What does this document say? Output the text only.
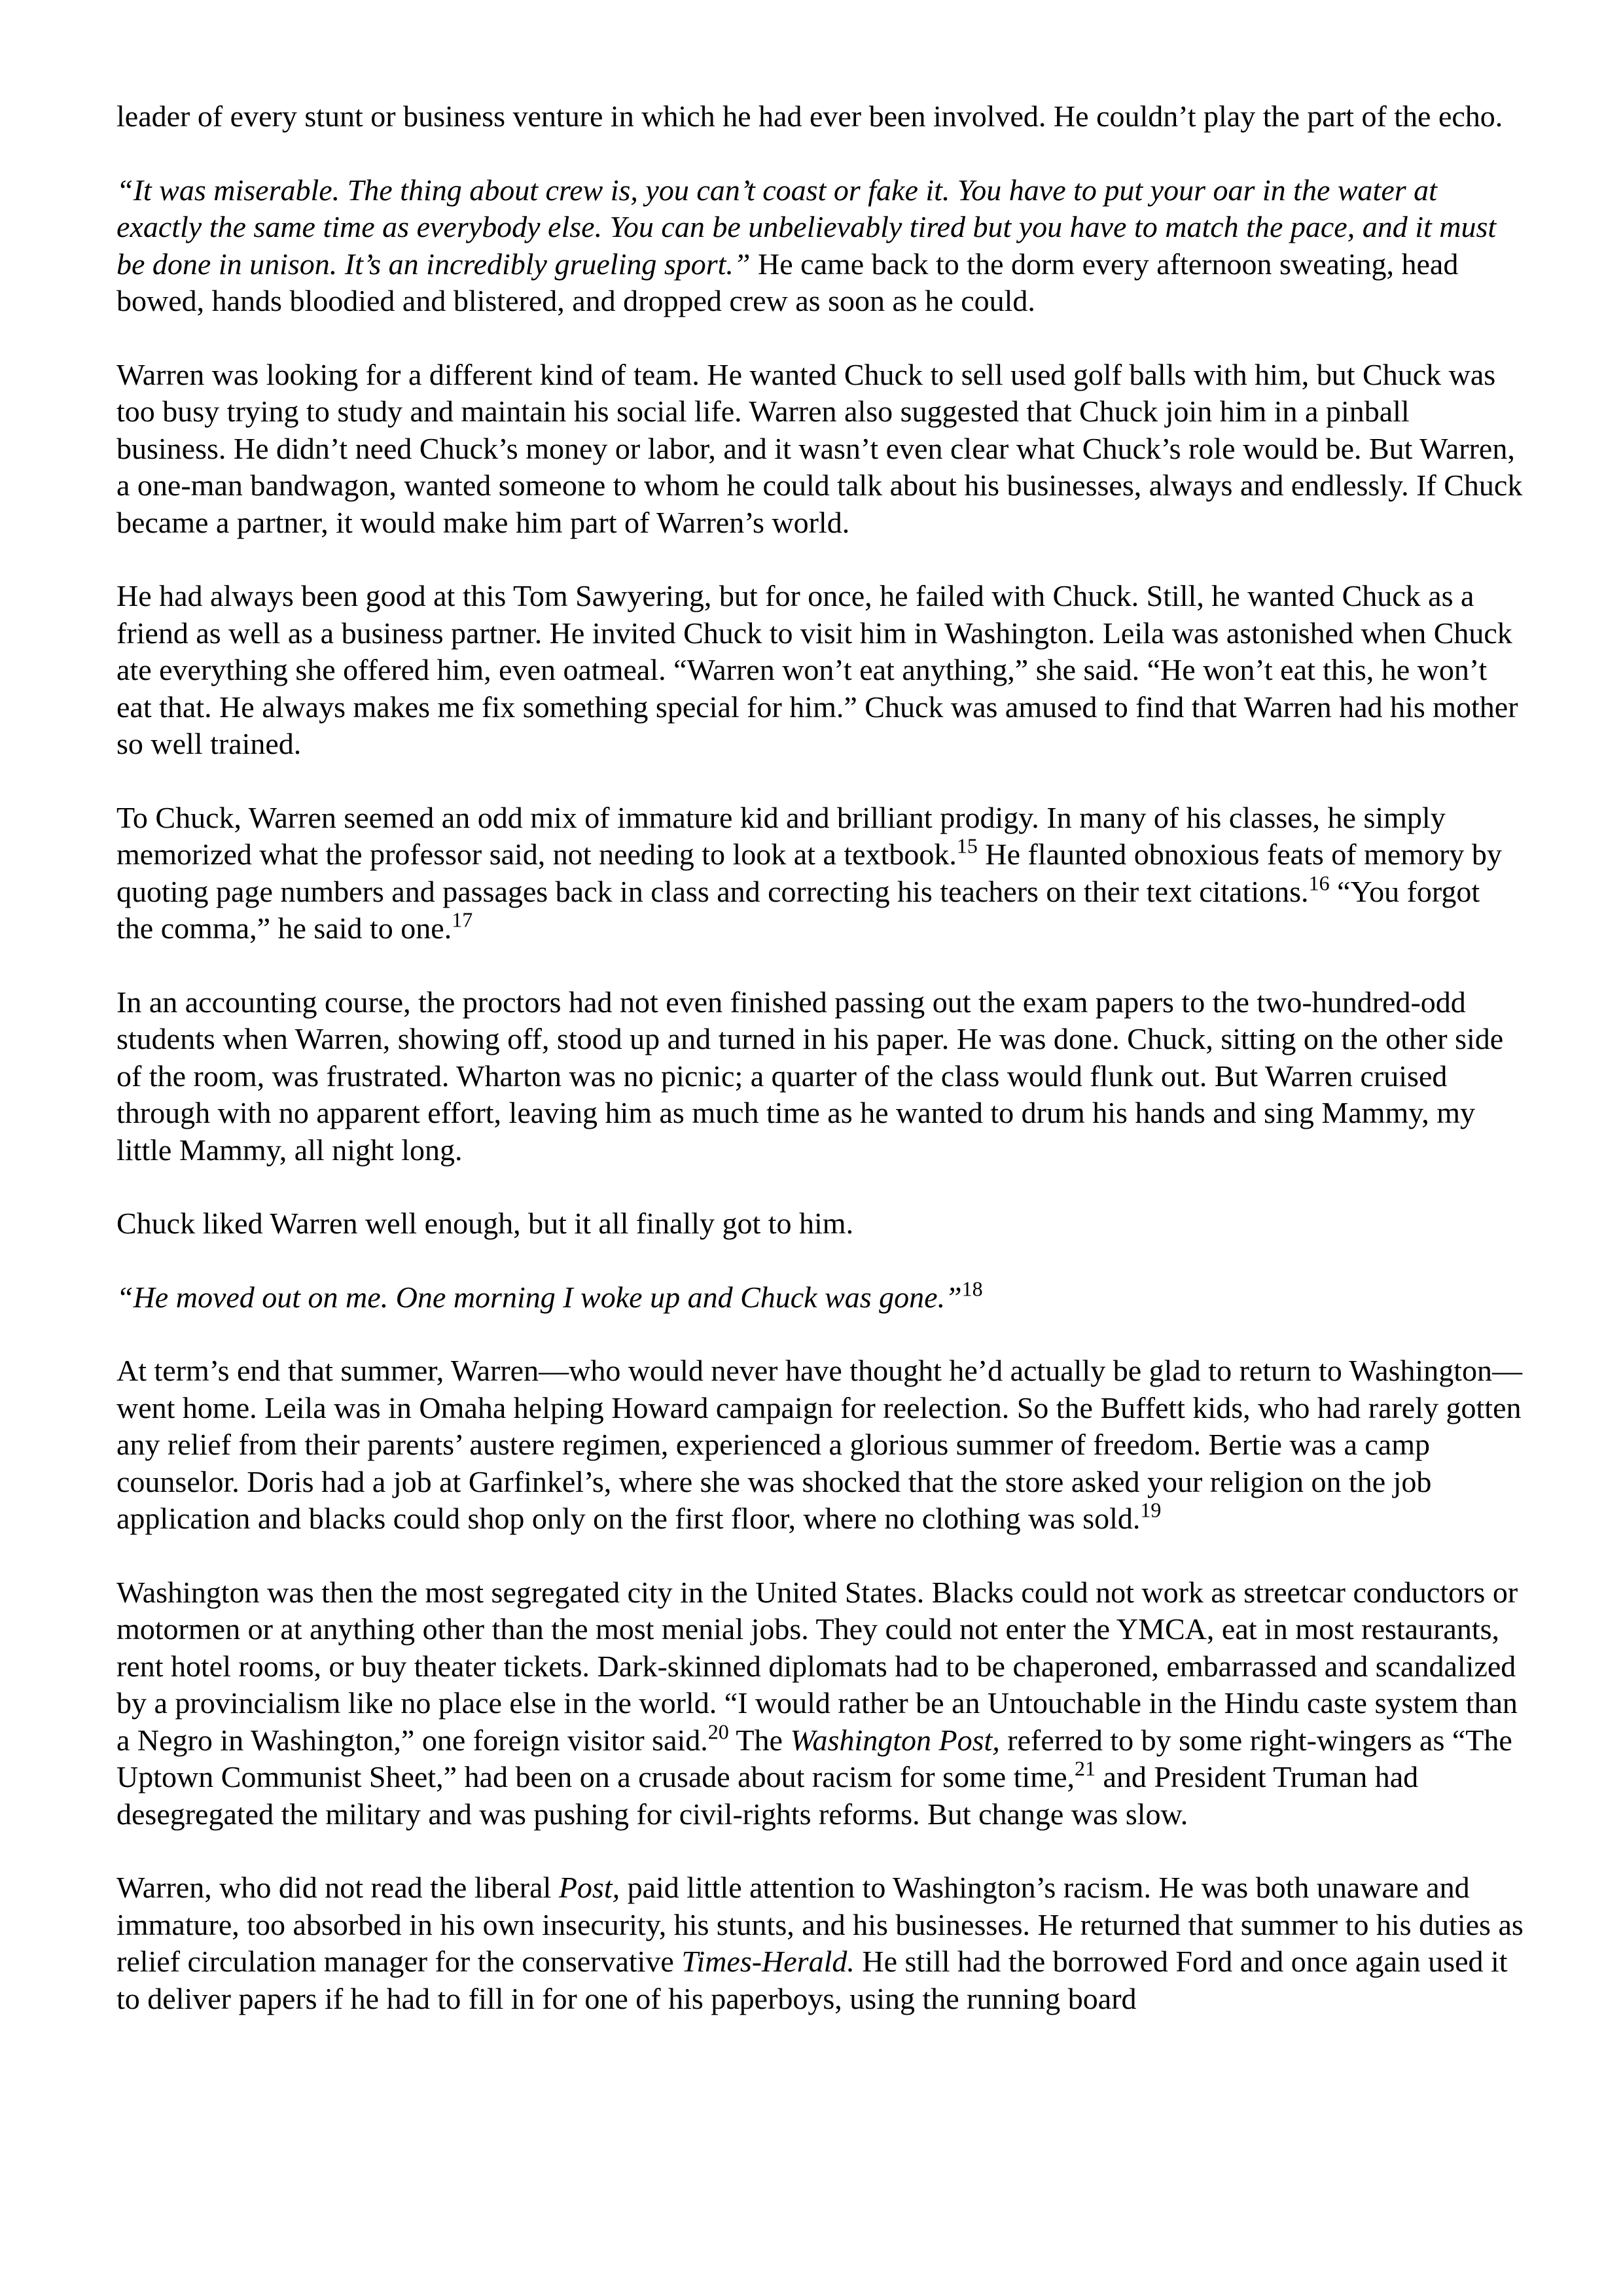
leader of every stunt or business venture in which he had ever been involved. He couldn’t play the part of the echo.

“It was miserable. The thing about crew is, you can’t coast or fake it. You have to put your oar in the water at exactly the same time as everybody else. You can be unbelievably tired but you have to match the pace, and it must be done in unison. It’s an incredibly grueling sport.” He came back to the dorm every afternoon sweating, head bowed, hands bloodied and blistered, and dropped crew as soon as he could.

Warren was looking for a different kind of team. He wanted Chuck to sell used golf balls with him, but Chuck was too busy trying to study and maintain his social life. Warren also suggested that Chuck join him in a pinball business. He didn’t need Chuck’s money or labor, and it wasn’t even clear what Chuck’s role would be. But Warren, a one-man bandwagon, wanted someone to whom he could talk about his businesses, always and endlessly. If Chuck became a partner, it would make him part of Warren’s world.

He had always been good at this Tom Sawyering, but for once, he failed with Chuck. Still, he wanted Chuck as a friend as well as a business partner. He invited Chuck to visit him in Washington. Leila was astonished when Chuck ate everything she offered him, even oatmeal. “Warren won’t eat anything,” she said. “He won’t eat this, he won’t eat that. He always makes me fix something special for him.” Chuck was amused to find that Warren had his mother so well trained.

To Chuck, Warren seemed an odd mix of immature kid and brilliant prodigy. In many of his classes, he simply memorized what the professor said, not needing to look at a textbook.$^{15}$ He flaunted obnoxious feats of memory by quoting page numbers and passages back in class and correcting his teachers on their text citations.$^{16}$ “You forgot the comma,” he said to one.$^{17}$

In an accounting course, the proctors had not even finished passing out the exam papers to the two-hundred-odd students when Warren, showing off, stood up and turned in his paper. He was done. Chuck, sitting on the other side of the room, was frustrated. Wharton was no picnic; a quarter of the class would flunk out. But Warren cruised through with no apparent effort, leaving him as much time as he wanted to drum his hands and sing Mammy, my little Mammy, all night long.

Chuck liked Warren well enough, but it all finally got to him.

“He moved out on me. One morning I woke up and Chuck was gone.”$^{18}$

At term’s end that summer, Warren—who would never have thought he’d actually be glad to return to Washington—went home. Leila was in Omaha helping Howard campaign for reelection. So the Buffett kids, who had rarely gotten any relief from their parents’ austere regimen, experienced a glorious summer of freedom. Bertie was a camp counselor. Doris had a job at Garfinkel’s, where she was shocked that the store asked your religion on the job application and blacks could shop only on the first floor, where no clothing was sold.$^{19}$

Washington was then the most segregated city in the United States. Blacks could not work as streetcar conductors or motormen or at anything other than the most menial jobs. They could not enter the YMCA, eat in most restaurants, rent hotel rooms, or buy theater tickets. Dark-skinned diplomats had to be chaperoned, embarrassed and scandalized by a provincialism like no place else in the world. “I would rather be an Untouchable in the Hindu caste system than a Negro in Washington,” one foreign visitor said.$^{20}$ The Washington Post, referred to by some right-wingers as “The Uptown Communist Sheet,” had been on a crusade about racism for some time,$^{21}$ and President Truman had desegregated the military and was pushing for civil-rights reforms. But change was slow.

Warren, who did not read the liberal Post, paid little attention to Washington’s racism. He was both unaware and immature, too absorbed in his own insecurity, his stunts, and his businesses. He returned that summer to his duties as relief circulation manager for the conservative Times-Herald. He still had the borrowed Ford and once again used it to deliver papers if he had to fill in for one of his paperboys, using the running board
